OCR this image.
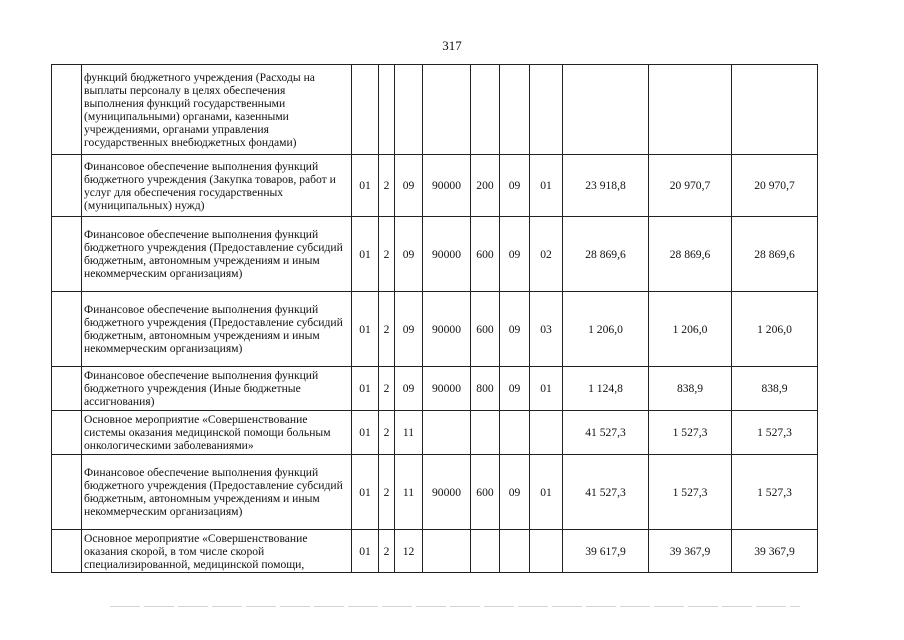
317
	функций бюджетного учреждения (Расходы на выплаты персоналу в целях обеспечения выполнения функций государственными (муниципальными) органами, казенными учреждениями, органами управления государственных внебюджетных фондами)										
	Финансовое обеспечение выполнения функций бюджетного учреждения (Закупка товаров, работ и услуг для обеспечения государственных (муниципальных) нужд)	01	2	09	90000	200	09	01	23 918,8	20 970,7	20 970,7
	Финансовое обеспечение выполнения функций бюджетного учреждения (Предоставление субсидий бюджетным, автономным учреждениям и иным некоммерческим организациям)	01	2	09	90000	600	09	02	28 869,6	28 869,6	28 869,6
	Финансовое обеспечение выполнения функций бюджетного учреждения (Предоставление субсидий бюджетным, автономным учреждениям и иным некоммерческим организациям)	01	2	09	90000	600	09	03	1 206,0	1 206,0	1 206,0
	Финансовое обеспечение выполнения функций бюджетного учреждения (Иные бюджетные ассигнования)	01	2	09	90000	800	09	01	1 124,8	838,9	838,9
	Основное мероприятие «Совершенствование системы оказания медицинской помощи больным онкологическими заболеваниями»	01	2	11					41 527,3	1 527,3	1 527,3
	Финансовое обеспечение выполнения функций бюджетного учреждения (Предоставление субсидий бюджетным, автономным учреждениям и иным некоммерческим организациям)	01	2	11	90000	600	09	01	41 527,3	1 527,3	1 527,3
	Основное мероприятие «Совершенствование оказания скорой, в том числе скорой специализированной, медицинской помощи,	01	2	12					39 617,9	39 367,9	39 367,9
